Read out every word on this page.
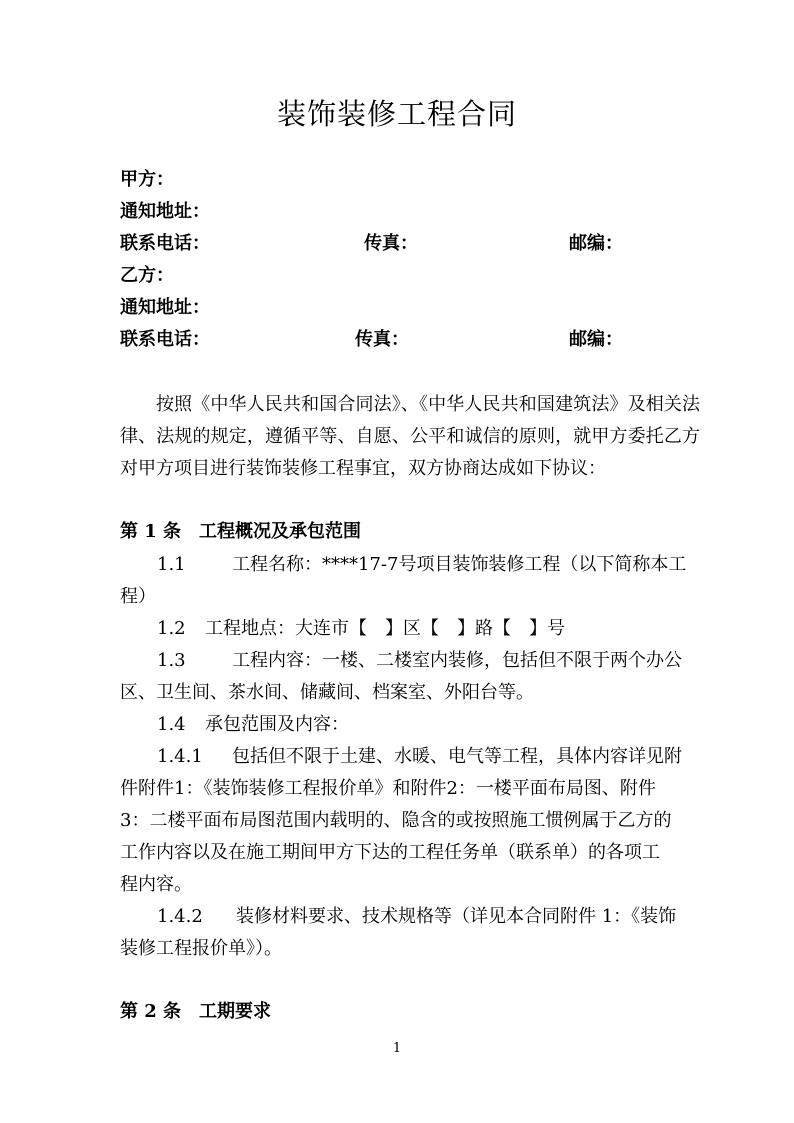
装饰装修工程合同
甲方：
通知地址：
联系电话：	传真：	邮编：
乙方：
通知地址：
联系电话：	传真：	邮编：
按照《中华人民共和国合同法》、《中华人民共和国建筑法》及相关法律、法规的规定，遵循平等、自愿、公平和诚信的原则，就甲方委托乙方对甲方项目进行装饰装修工程事宜，双方协商达成如下协议：
第 1 条　工程概况及承包范围
1.1	工程名称：****17-7号项目装饰装修工程（以下简称本工
程）
1.2 工程地点：大连市【　】区【　】路【　】号
1.3	工程内容：一楼、二楼室内装修，包括但不限于两个办公
区、卫生间、茶水间、储藏间、档案室、外阳台等。
1.4 承包范围及内容：
1.4.1 包括但不限于土建、水暖、电气等工程，具体内容详见附
件附件1：《装饰装修工程报价单》和附件2：一楼平面布局图、附件
3：二楼平面布局图范围内载明的、隐含的或按照施工惯例属于乙方的
工作内容以及在施工期间甲方下达的工程任务单（联系单）的各项工
程内容。
1.4.2 装修材料要求、技术规格等（详见本合同附件 1：《装饰
装修工程报价单》）。
第 2 条　工期要求
1
